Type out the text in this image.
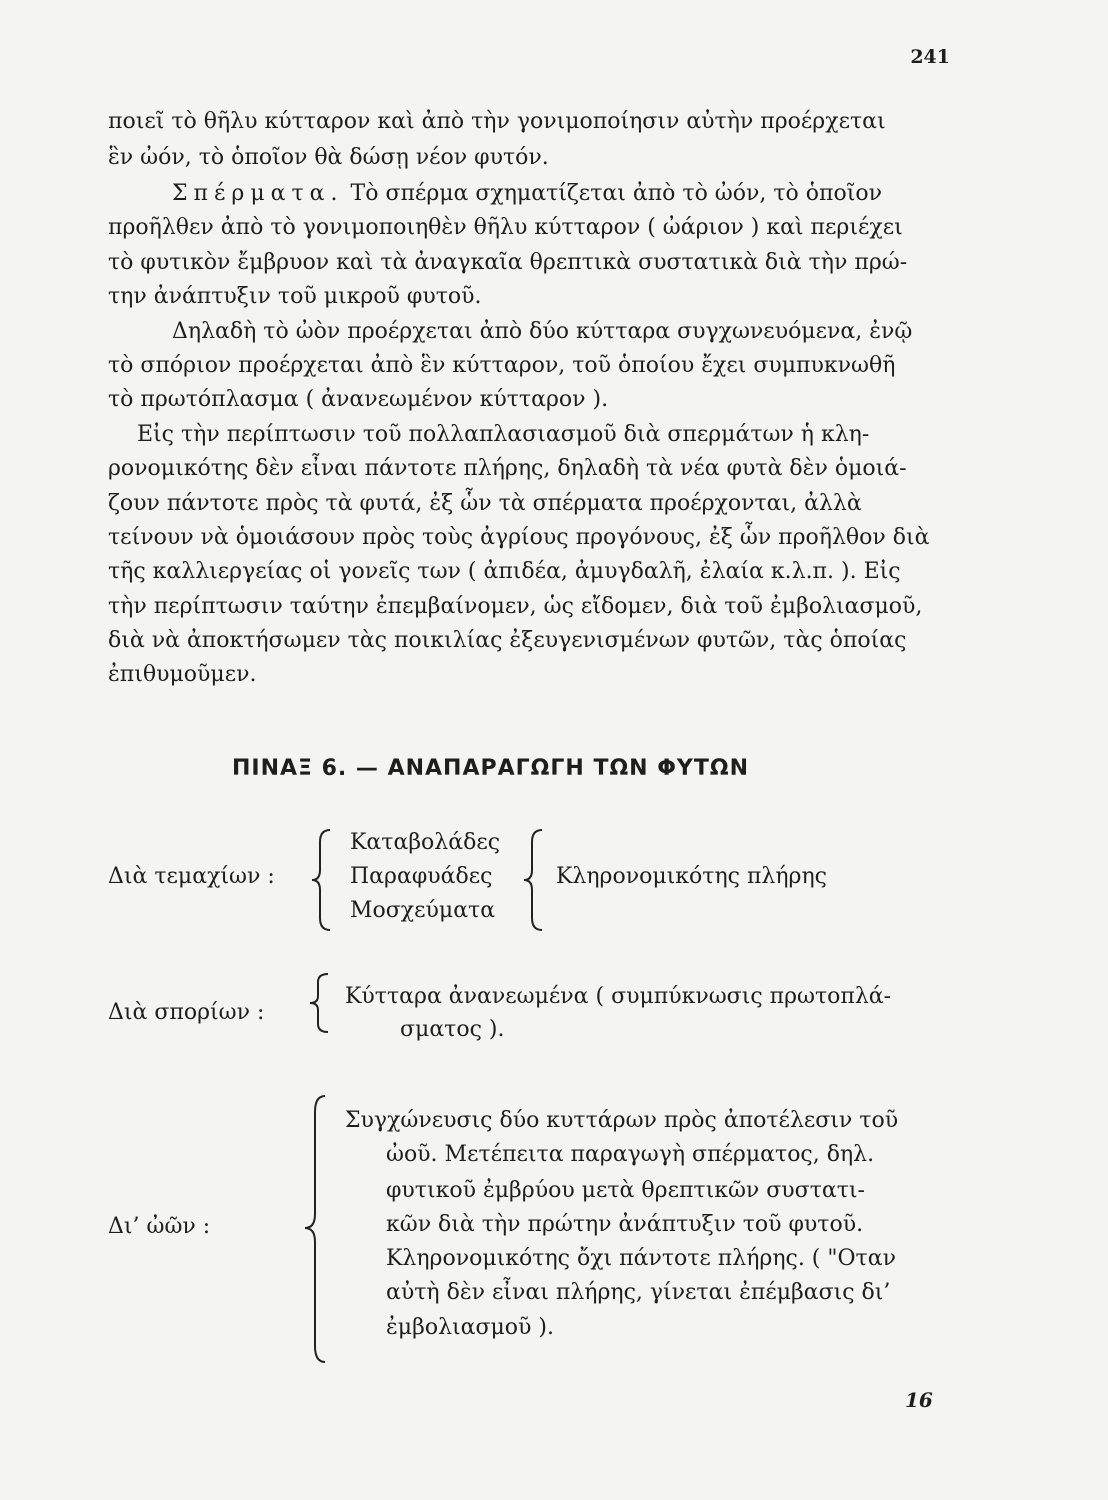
241
ποιεῖ τὸ θῆλυ κύτταρον καὶ ἀπὸ τὴν γονιμοποίησιν αὐτὴν προέρχεται
ἓν ὠόν, τὸ ὁποῖον θὰ δώσῃ νέον φυτόν.
Σπέρματα. Τὸ σπέρμα σχηματίζεται ἀπὸ τὸ ὠόν, τὸ ὁποῖον
προῆλθεν ἀπὸ τὸ γονιμοποιηθὲν θῆλυ κύτταρον ( ὠάριον ) καὶ περιέχει
τὸ φυτικὸν ἔμβρυον καὶ τὰ ἀναγκαῖα θρεπτικὰ συστατικὰ διὰ τὴν πρώ-
την ἀνάπτυξιν τοῦ μικροῦ φυτοῦ.
Δηλαδὴ τὸ ὠὸν προέρχεται ἀπὸ δύο κύτταρα συγχωνευόμενα, ἐνῷ
τὸ σπόριον προέρχεται ἀπὸ ἓν κύτταρον, τοῦ ὁποίου ἔχει συμπυκνωθῆ
τὸ πρωτόπλασμα ( ἀνανεωμένον κύτταρον ).
Εἰς τὴν περίπτωσιν τοῦ πολλαπλασιασμοῦ διὰ σπερμάτων ἡ κλη-
ρονομικότης δὲν εἶναι πάντοτε πλήρης, δηλαδὴ τὰ νέα φυτὰ δὲν ὁμοιά-
ζουν πάντοτε πρὸς τὰ φυτά, ἐξ ὧν τὰ σπέρματα προέρχονται, ἀλλὰ
τείνουν νὰ ὁμοιάσουν πρὸς τοὺς ἀγρίους προγόνους, ἐξ ὧν προῆλθον διὰ
τῆς καλλιεργείας οἱ γονεῖς των ( ἀπιδέα, ἀμυγδαλῆ, ἐλαία κ.λ.π. ). Εἰς
τὴν περίπτωσιν ταύτην ἐπεμβαίνομεν, ὡς εἴδομεν, διὰ τοῦ ἐμβολιασμοῦ,
διὰ νὰ ἀποκτήσωμεν τὰς ποικιλίας ἐξευγενισμένων φυτῶν, τὰς ὁποίας
ἐπιθυμοῦμεν.
ΠΙΝΑΞ 6. — ΑΝΑΠΑΡΑΓΩΓΗ ΤΩΝ ΦΥΤΩΝ
Διὰ τεμαχίων :
Καταβολάδες
Παραφυάδες
Μοσχεύματα
Κληρονομικότης πλήρης
Διὰ σπορίων :
Κύτταρα ἀνανεωμένα ( συμπύκνωσις πρωτοπλά-
σματος ).
Δι’ ὠῶν :
Συγχώνευσις δύο κυττάρων πρὸς ἀποτέλεσιν τοῦ
ὠοῦ. Μετέπειτα παραγωγὴ σπέρματος, δηλ.
φυτικοῦ ἐμβρύου μετὰ θρεπτικῶν συστατι-
κῶν διὰ τὴν πρώτην ἀνάπτυξιν τοῦ φυτοῦ.
Κληρονομικότης ὄχι πάντοτε πλήρης. ( "Οταν
αὐτὴ δὲν εἶναι πλήρης, γίνεται ἐπέμβασις δι’
ἐμβολιασμοῦ ).
16
